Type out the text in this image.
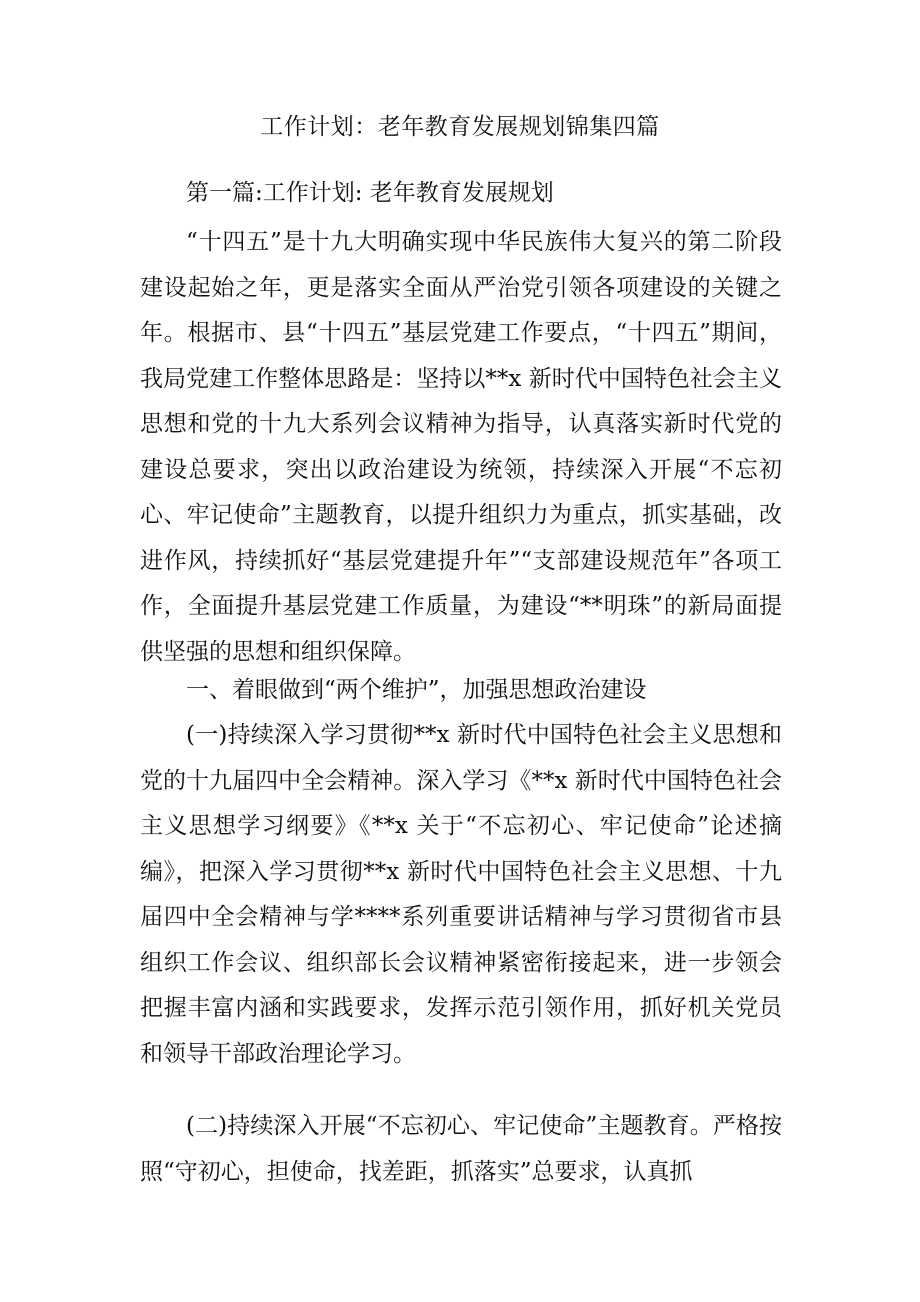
工作计划：老年教育发展规划锦集四篇
第一篇:工作计划: 老年教育发展规划

“十四五”是十九大明确实现中华民族伟大复兴的第二阶段建设起始之年，更是落实全面从严治党引领各项建设的关键之年。根据市、县“十四五”基层党建工作要点，“十四五”期间，我局党建工作整体思路是：坚持以**x 新时代中国特色社会主义思想和党的十九大系列会议精神为指导，认真落实新时代党的建设总要求，突出以政治建设为统领，持续深入开展“不忘初心、牢记使命”主题教育，以提升组织力为重点，抓实基础，改进作风，持续抓好“基层党建提升年”“支部建设规范年”各项工作，全面提升基层党建工作质量，为建设“**明珠”的新局面提供坚强的思想和组织保障。

一、着眼做到“两个维护”，加强思想政治建设

(一)持续深入学习贯彻**x 新时代中国特色社会主义思想和党的十九届四中全会精神。深入学习《**x 新时代中国特色社会主义思想学习纲要》《**x 关于“不忘初心、牢记使命”论述摘编》，把深入学习贯彻**x 新时代中国特色社会主义思想、十九届四中全会精神与学****系列重要讲话精神与学习贯彻省市县组织工作会议、组织部长会议精神紧密衔接起来，进一步领会把握丰富内涵和实践要求，发挥示范引领作用，抓好机关党员和领导干部政治理论学习。

(二)持续深入开展“不忘初心、牢记使命”主题教育。严格按照“守初心，担使命，找差距，抓落实”总要求，认真抓
